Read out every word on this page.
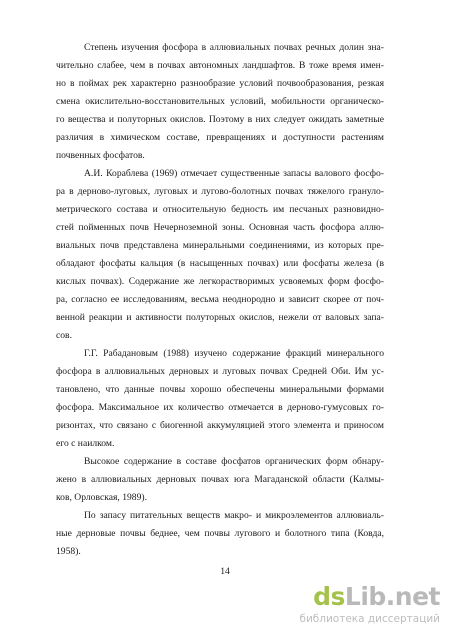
Степень изучения фосфора в аллювиальных почвах речных долин зна-
чительно слабее, чем в почвах автономных ландшафтов. В тоже время имен-
но в поймах рек характерно разнообразие условий почвообразования, резкая
смена окислительно-восстановительных условий, мобильности органическо-
го вещества и полуторных окислов. Поэтому в них следует ожидать заметные
различия в химическом составе, превращениях и доступности растениям
почвенных фосфатов.
А.И. Кораблева (1969) отмечает существенные запасы валового фосфо-
ра в дерново-луговых, луговых и лугово-болотных почвах тяжелого грануло-
метрического состава и относительную бедность им песчаных разновидно-
стей пойменных почв Нечерноземной зоны. Основная часть фосфора аллю-
виальных почв представлена минеральными соединениями, из которых пре-
обладают фосфаты кальция (в насыщенных почвах) или фосфаты железа (в
кислых почвах). Содержание же легкорастворимых усвояемых форм фосфо-
ра, согласно ее исследованиям, весьма неоднородно и зависит скорее от поч-
венной реакции и активности полуторных окислов, нежели от валовых запа-
сов.
Г.Г. Рабадановым (1988) изучено содержание фракций минерального
фосфора в аллювиальных дерновых и луговых почвах Средней Оби. Им ус-
тановлено, что данные почвы хорошо обеспечены минеральными формами
фосфора. Максимальное их количество отмечается в дерново-гумусовых го-
ризонтах, что связано с биогенной аккумуляцией этого элемента и приносом
его с наилком.
Высокое содержание в составе фосфатов органических форм обнару-
жено в аллювиальных дерновых почвах юга Магаданской области (Калмы-
ков, Орловская, 1989).
По запасу питательных веществ макро- и микроэлементов аллювиаль-
ные дерновые почвы беднее, чем почвы лугового и болотного типа (Ковда,
1958).
14
dsLib.net
библиотека диссертаций
